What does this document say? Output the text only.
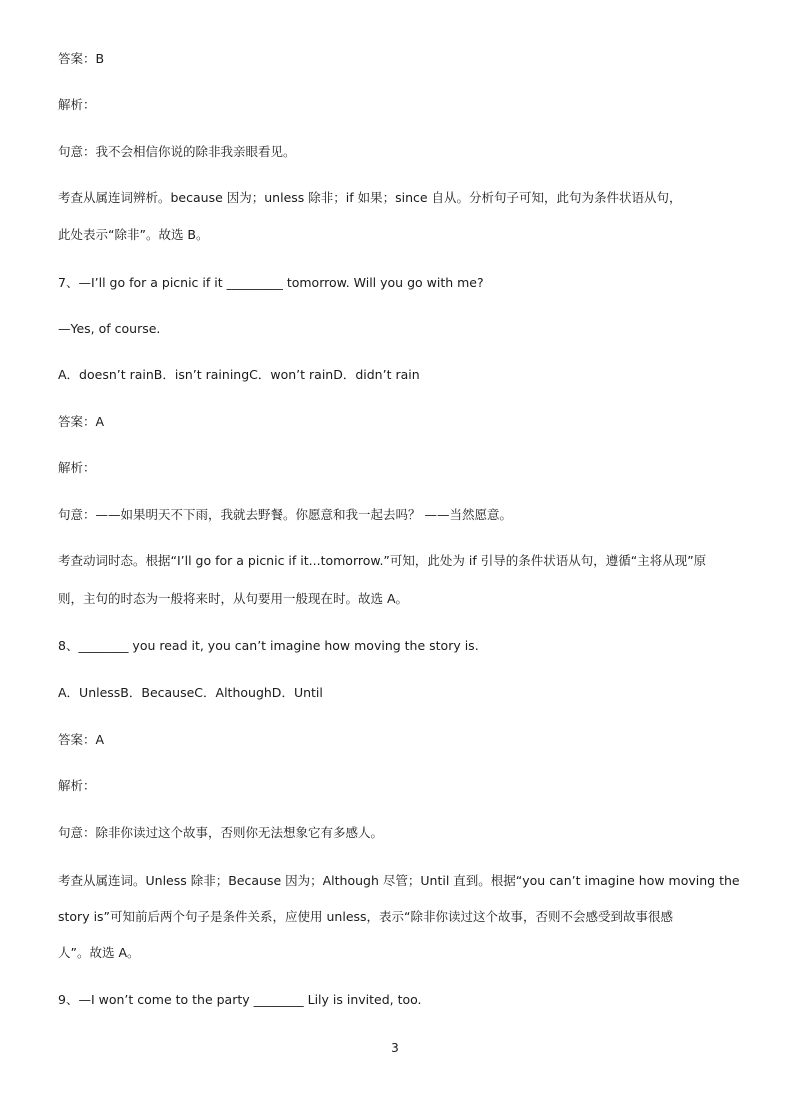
答案：B
解析：
句意：我不会相信你说的除非我亲眼看见。
考查从属连词辨析。because 因为；unless 除非；if 如果；since 自从。分析句子可知，此句为条件状语从句，
此处表示“除非”。故选 B。
7、—I’ll go for a picnic if it _________ tomorrow. Will you go with me?
—Yes, of course.
A．doesn’t rainB．isn’t rainingC．won’t rainD．didn’t rain
答案：A
解析：
句意：——如果明天不下雨，我就去野餐。你愿意和我一起去吗？ ——当然愿意。
考查动词时态。根据“I’ll go for a picnic if it...tomorrow.”可知，此处为 if 引导的条件状语从句，遵循“主将从现”原
则，主句的时态为一般将来时，从句要用一般现在时。故选 A。
8、________ you read it, you can’t imagine how moving the story is.
A．UnlessB．BecauseC．AlthoughD．Until
答案：A
解析：
句意：除非你读过这个故事，否则你无法想象它有多感人。
考查从属连词。Unless 除非；Because 因为；Although 尽管；Until 直到。根据“you can’t imagine how moving the
story is”可知前后两个句子是条件关系，应使用 unless，表示“除非你读过这个故事，否则不会感受到故事很感
人”。故选 A。
9、—I won’t come to the party ________ Lily is invited, too.
3
